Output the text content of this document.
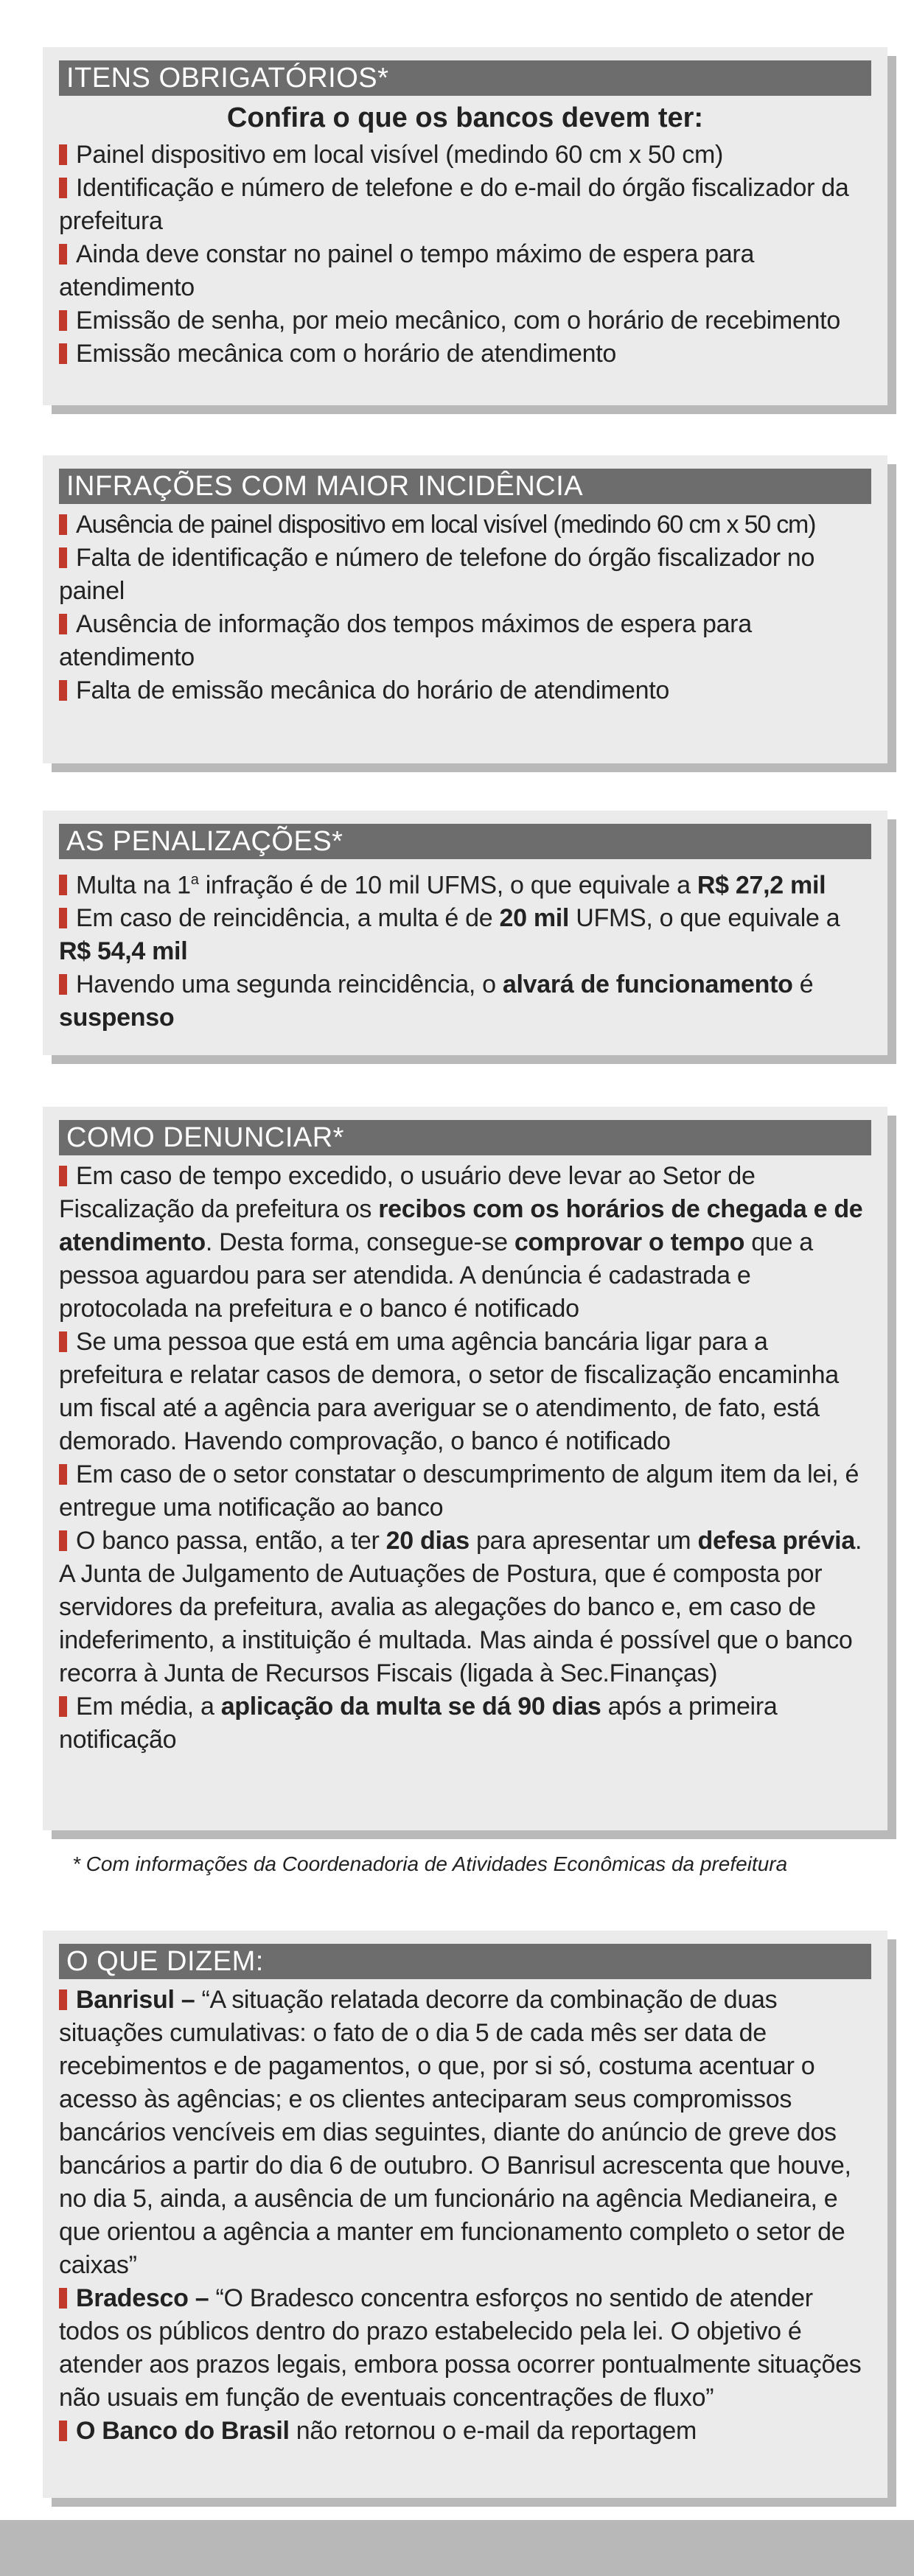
ITENS OBRIGATÓRIOS*
Confira o que os bancos devem ter:

Painel dispositivo em local visível (medindo 60 cm x 50 cm)

Identificação e número de telefone e do e-mail do órgão fiscalizador da prefeitura

Ainda deve constar no painel o tempo máximo de espera para atendimento

Emissão de senha, por meio mecânico, com o horário de recebimento

Emissão mecânica com o horário de atendimento

INFRAÇÕES COM MAIOR INCIDÊNCIA

Ausência de painel dispositivo em local visível (medindo 60 cm x 50 cm)

Falta de identificação e número de telefone do órgão fiscalizador no painel

Ausência de informação dos tempos máximos de espera para atendimento

Falta de emissão mecânica do horário de atendimento

AS PENALIZAÇÕES*

Multa na 1$^a$ infração é de 10 mil UFMS, o que equivale a R$ 27,2 mil

Em caso de reincidência, a multa é de 20 mil UFMS, o que equivale a R$ 54,4 mil

Havendo uma segunda reincidência, o alvará de funcionamento é suspenso

COMO DENUNCIAR*

Em caso de tempo excedido, o usuário deve levar ao Setor de Fiscalização da prefeitura os recibos com os horários de chegada e de atendimento. Desta forma, consegue-se comprovar o tempo que a pessoa aguardou para ser atendida. A denúncia é cadastrada e protocolada na prefeitura e o banco é notificado

Se uma pessoa que está em uma agência bancária ligar para a prefeitura e relatar casos de demora, o setor de fiscalização encaminha um fiscal até a agência para averiguar se o atendimento, de fato, está demorado. Havendo comprovação, o banco é notificado

Em caso de o setor constatar o descumprimento de algum item da lei, é entregue uma notificação ao banco

O banco passa, então, a ter 20 dias para apresentar um defesa prévia. A Junta de Julgamento de Autuações de Postura, que é composta por servidores da prefeitura, avalia as alegações do banco e, em caso de indeferimento, a instituição é multada. Mas ainda é possível que o banco recorra à Junta de Recursos Fiscais (ligada à Sec.Finanças)

Em média, a aplicação da multa se dá 90 dias após a primeira notificação

* Com informações da Coordenadoria de Atividades Econômicas da prefeitura
O QUE DIZEM:

Banrisul – “A situação relatada decorre da combinação de duas situações cumulativas: o fato de o dia 5 de cada mês ser data de recebimentos e de pagamentos, o que, por si só, costuma acentuar o acesso às agências; e os clientes anteciparam seus compromissos bancários vencíveis em dias seguintes, diante do anúncio de greve dos bancários a partir do dia 6 de outubro. O Banrisul acrescenta que houve, no dia 5, ainda, a ausência de um funcionário na agência Medianeira, e que orientou a agência a manter em funcionamento completo o setor de caixas”

Bradesco – “O Bradesco concentra esforços no sentido de atender todos os públicos dentro do prazo estabelecido pela lei. O objetivo é atender aos prazos legais, embora possa ocorrer pontualmente situações não usuais em função de eventuais concentrações de fluxo”

O Banco do Brasil não retornou o e-mail da reportagem
